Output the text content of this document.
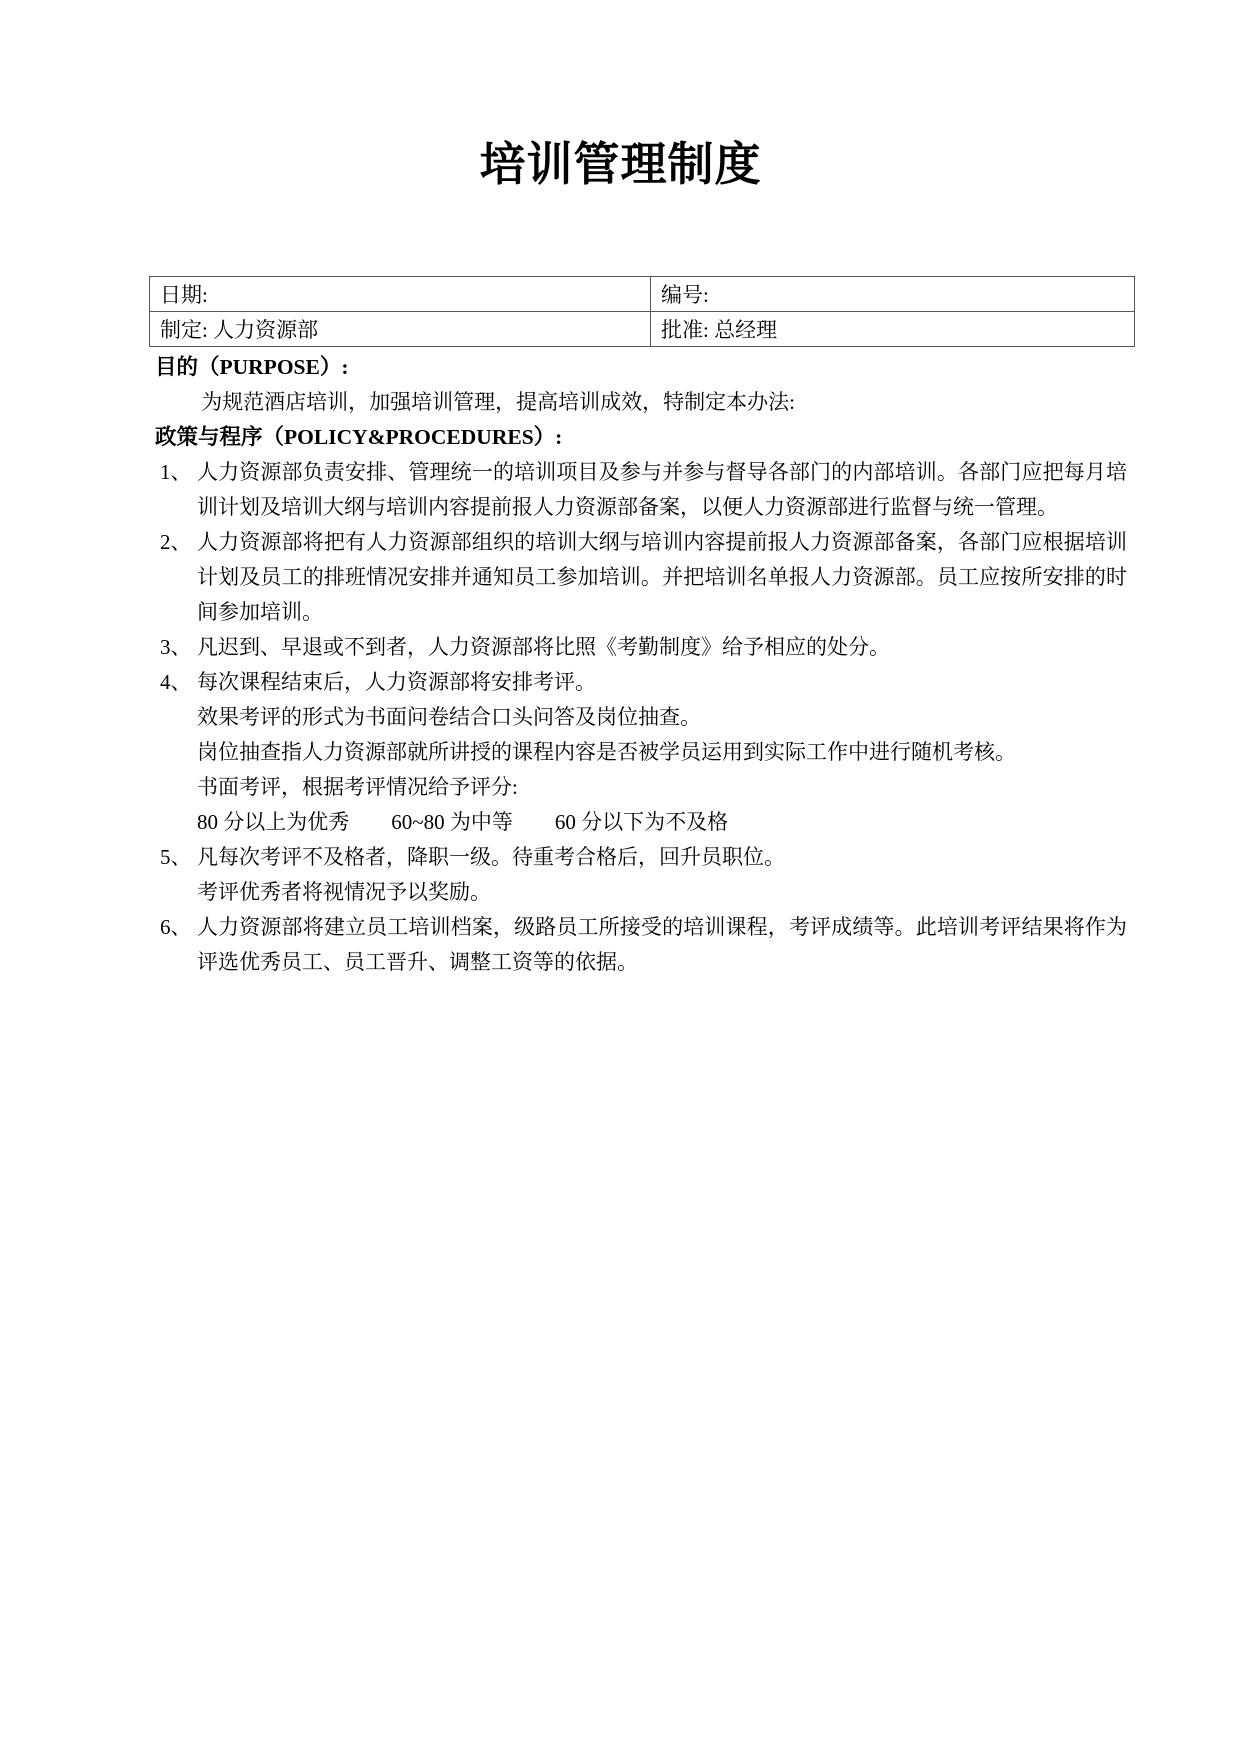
培训管理制度
日期:	编号:
制定: 人力资源部	批准: 总经理
目的（PURPOSE）:
为规范酒店培训，加强培训管理，提高培训成效，特制定本办法:
政策与程序（POLICY&PROCEDURES）:
1、 人力资源部负责安排、管理统一的培训项目及参与并参与督导各部门的内部培训。各部门应把每月培训计划及培训大纲与培训内容提前报人力资源部备案，以便人力资源部进行监督与统一管理。
2、 人力资源部将把有人力资源部组织的培训大纲与培训内容提前报人力资源部备案，各部门应根据培训计划及员工的排班情况安排并通知员工参加培训。并把培训名单报人力资源部。员工应按所安排的时间参加培训。
3、 凡迟到、早退或不到者，人力资源部将比照《考勤制度》给予相应的处分。
4、 每次课程结束后，人力资源部将安排考评。
效果考评的形式为书面问卷结合口头问答及岗位抽查。
岗位抽查指人力资源部就所讲授的课程内容是否被学员运用到实际工作中进行随机考核。
书面考评，根据考评情况给予评分:
80 分以上为优秀　　60~80 为中等　　60 分以下为不及格
5、 凡每次考评不及格者，降职一级。待重考合格后，回升员职位。
考评优秀者将视情况予以奖励。
6、 人力资源部将建立员工培训档案，级路员工所接受的培训课程，考评成绩等。此培训考评结果将作为评选优秀员工、员工晋升、调整工资等的依据。
